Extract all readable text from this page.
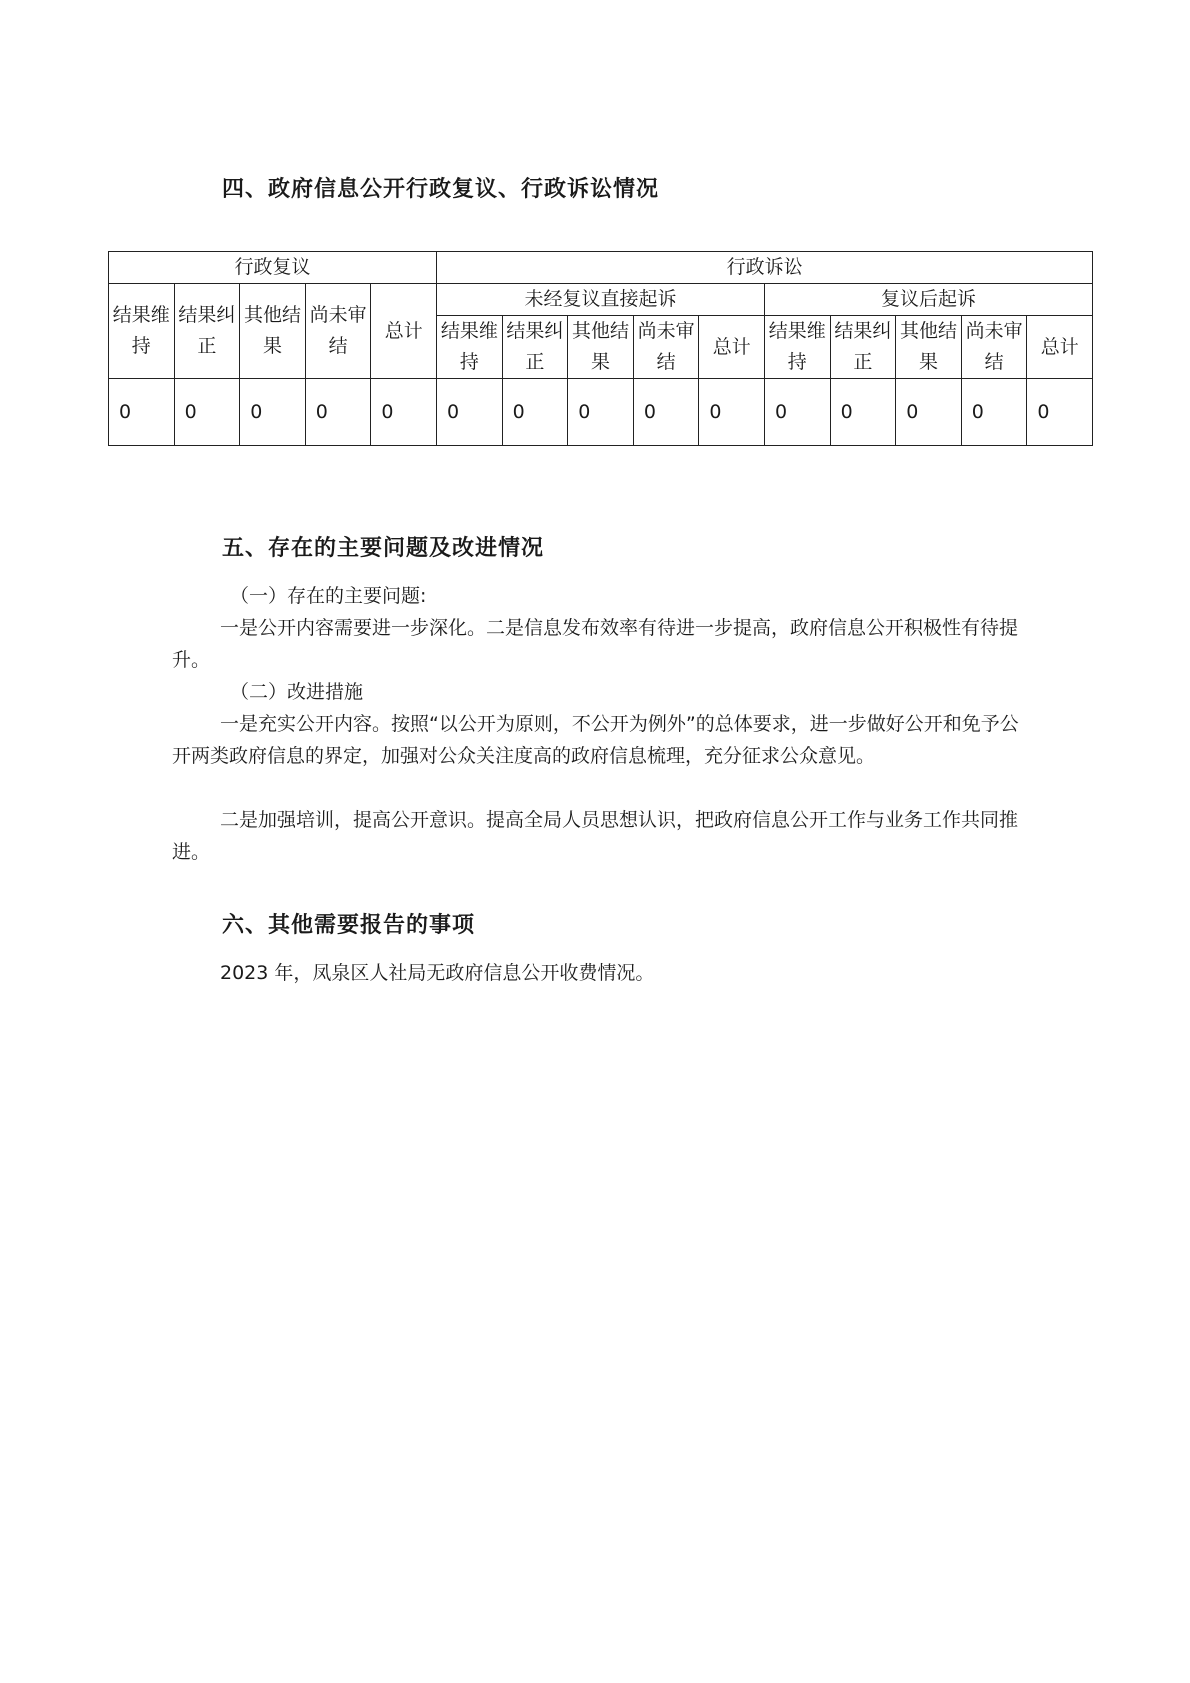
四、政府信息公开行政复议、行政诉讼情况
行政复议					行政诉讼									
结果维持	结果纠正	其他结果	尚未审结	总计	未经复议直接起诉					复议后起诉				
					结果维持	结果纠正	其他结果	尚未审结	总计	结果维持	结果纠正	其他结果	尚未审结	总计
0	0	0	0	0	0	0	0	0	0	0	0	0	0	0
五、存在的主要问题及改进情况

（一）存在的主要问题:

一是公开内容需要进一步深化。二是信息发布效率有待进一步提高，政府信息公开积极性有待提升。

（二）改进措施

一是充实公开内容。按照“以公开为原则，不公开为例外”的总体要求，进一步做好公开和免予公开两类政府信息的界定，加强对公众关注度高的政府信息梳理，充分征求公众意见。

二是加强培训，提高公开意识。提高全局人员思想认识，把政府信息公开工作与业务工作共同推进。

六、其他需要报告的事项

2023 年，凤泉区人社局无政府信息公开收费情况。
